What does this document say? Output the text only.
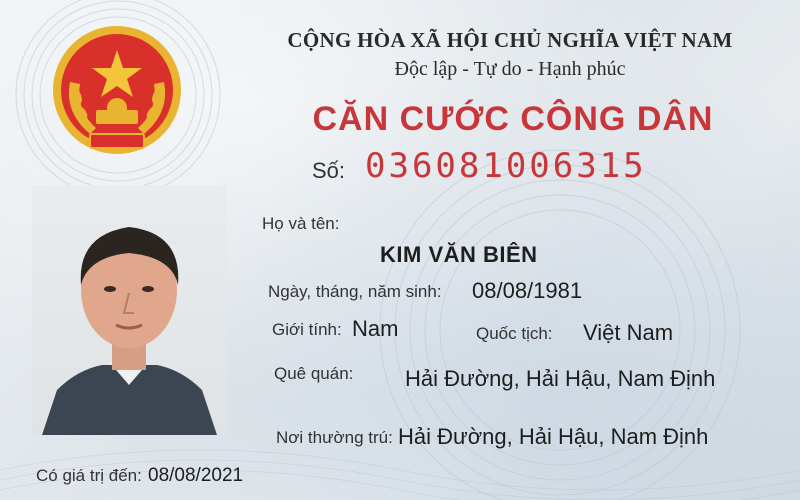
CỘNG HÒA XÃ HỘI CHỦ NGHĨA VIỆT NAM
Độc lập - Tự do - Hạnh phúc
CĂN CƯỚC CÔNG DÂN
Số: 036081006315
Họ và tên:
KIM VĂN BIÊN
Ngày, tháng, năm sinh: 08/08/1981
Giới tính: Nam	Quốc tịch: Việt Nam
Quê quán: Hải Đường, Hải Hậu, Nam Định
Nơi thường trú: Hải Đường, Hải Hậu, Nam Định
Có giá trị đến: 08/08/2021
